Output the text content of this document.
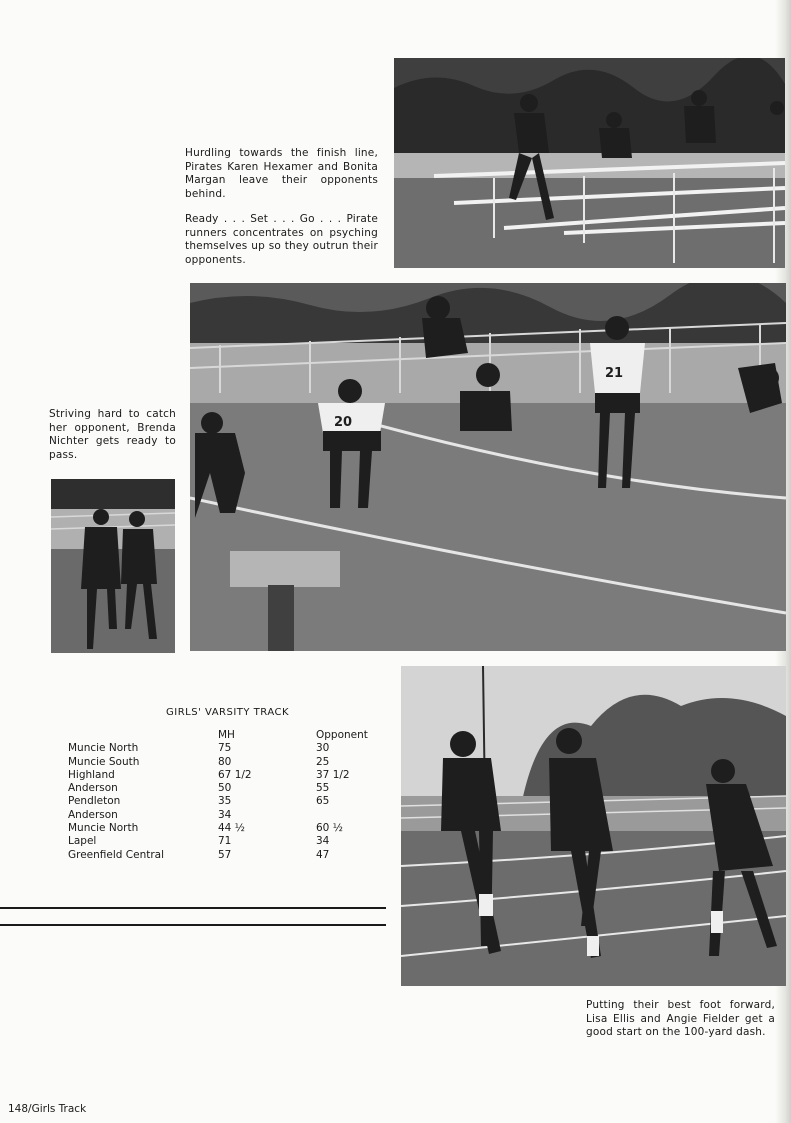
Hurdling towards the finish line, Pirates Karen Hexamer and Bonita Margan leave their opponents behind.

Ready . . . Set . . . Go . . . Pirate runners concentrates on psyching themselves up so they outrun their opponents.

20
21

Striving hard to catch her opponent, Brenda Nichter gets ready to pass.

GIRLS' VARSITY TRACK
	MH	Opponent
Muncie North	75	30
Muncie South	80	25
Highland	67 1/2	37 1/2
Anderson	50	55
Pendleton	35	65
Anderson	34	
Muncie North	44 ½	60 ½
Lapel	71	34
Greenfield Central	57	47

Putting their best foot forward, Lisa Ellis and Angie Fielder get a good start on the 100-yard dash.

148/Girls Track
